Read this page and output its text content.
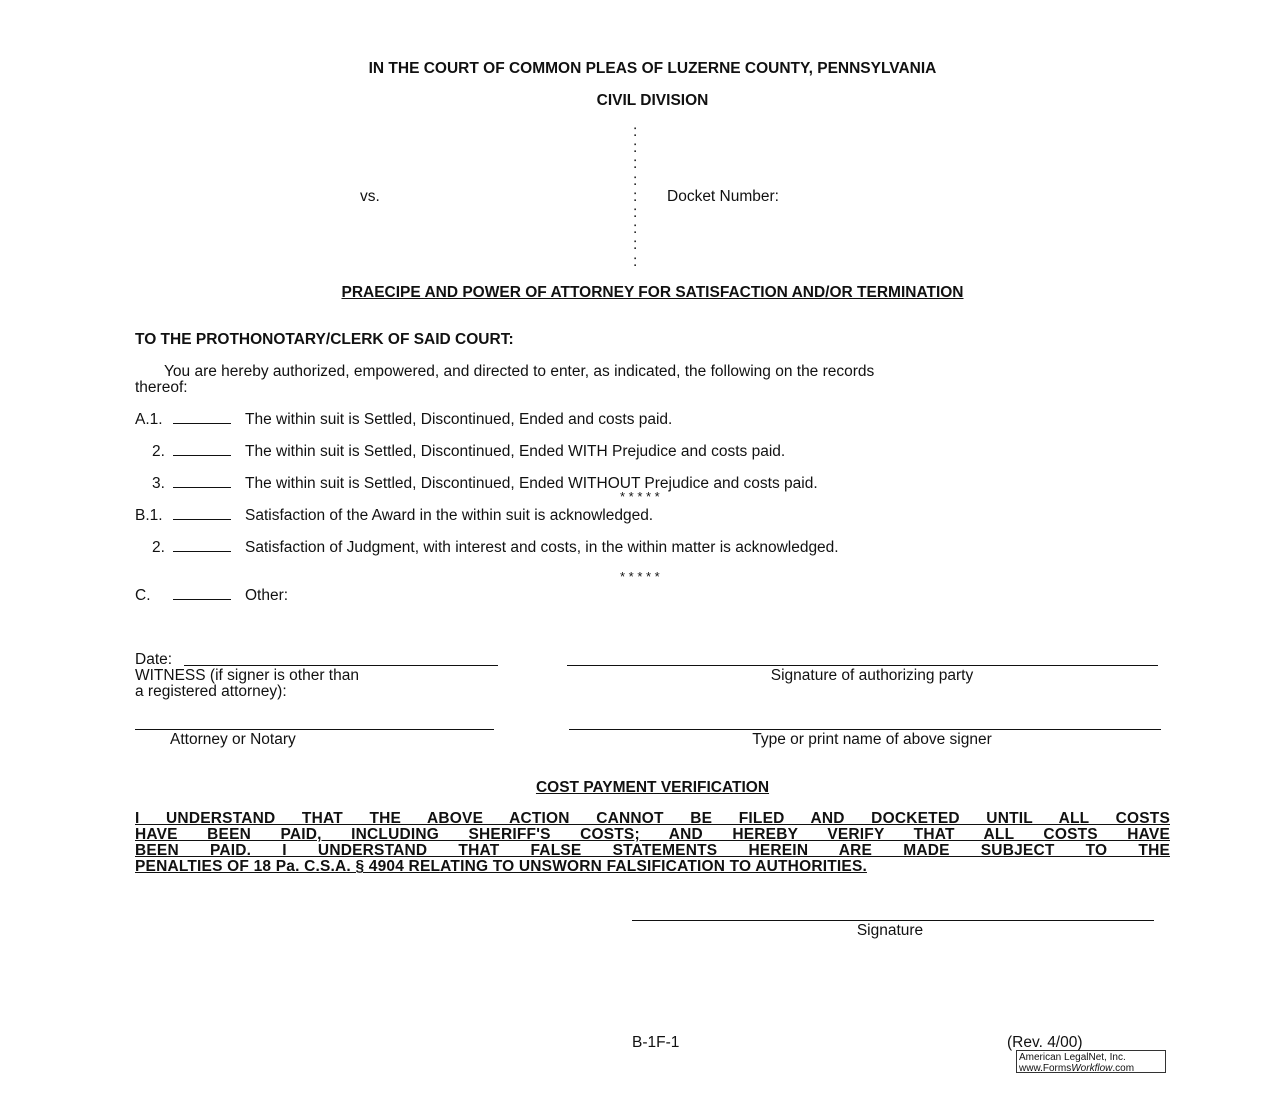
IN THE COURT OF COMMON PLEAS OF LUZERNE COUNTY, PENNSYLVANIA
CIVIL DIVISION
:
:
:
:
:
:
:
:
:
vs.	Docket Number:
PRAECIPE AND POWER OF ATTORNEY FOR SATISFACTION AND/OR TERMINATION
TO THE PROTHONOTARY/CLERK OF SAID COURT:
You are hereby authorized, empowered, and directed to enter, as indicated, the following on the records
thereof:
A.1.	The within suit is Settled, Discontinued, Ended and costs paid.
2.	The within suit is Settled, Discontinued, Ended WITH Prejudice and costs paid.
3.	The within suit is Settled, Discontinued, Ended WITHOUT Prejudice and costs paid.
* * * * *
B.1.	Satisfaction of the Award in the within suit is acknowledged.
2.	Satisfaction of Judgment, with interest and costs, in the within matter is acknowledged.
* * * * *
C.	Other:
Date:
WITNESS (if signer is other than
a registered attorney):
Signature of authorizing party
Attorney or Notary	Type or print name of above signer
COST PAYMENT VERIFICATION
I UNDERSTAND THAT THE ABOVE ACTION CANNOT BE FILED AND DOCKETED UNTIL ALL COSTS
HAVE BEEN PAID, INCLUDING SHERIFF'S COSTS; AND HEREBY VERIFY THAT ALL COSTS HAVE
BEEN PAID. I UNDERSTAND THAT FALSE STATEMENTS HEREIN ARE MADE SUBJECT TO THE
PENALTIES OF 18 Pa. C.S.A. § 4904 RELATING TO UNSWORN FALSIFICATION TO AUTHORITIES.
Signature
B-1F-1	(Rev. 4/00)
American LegalNet, Inc.
www.FormsWorkflow.com
